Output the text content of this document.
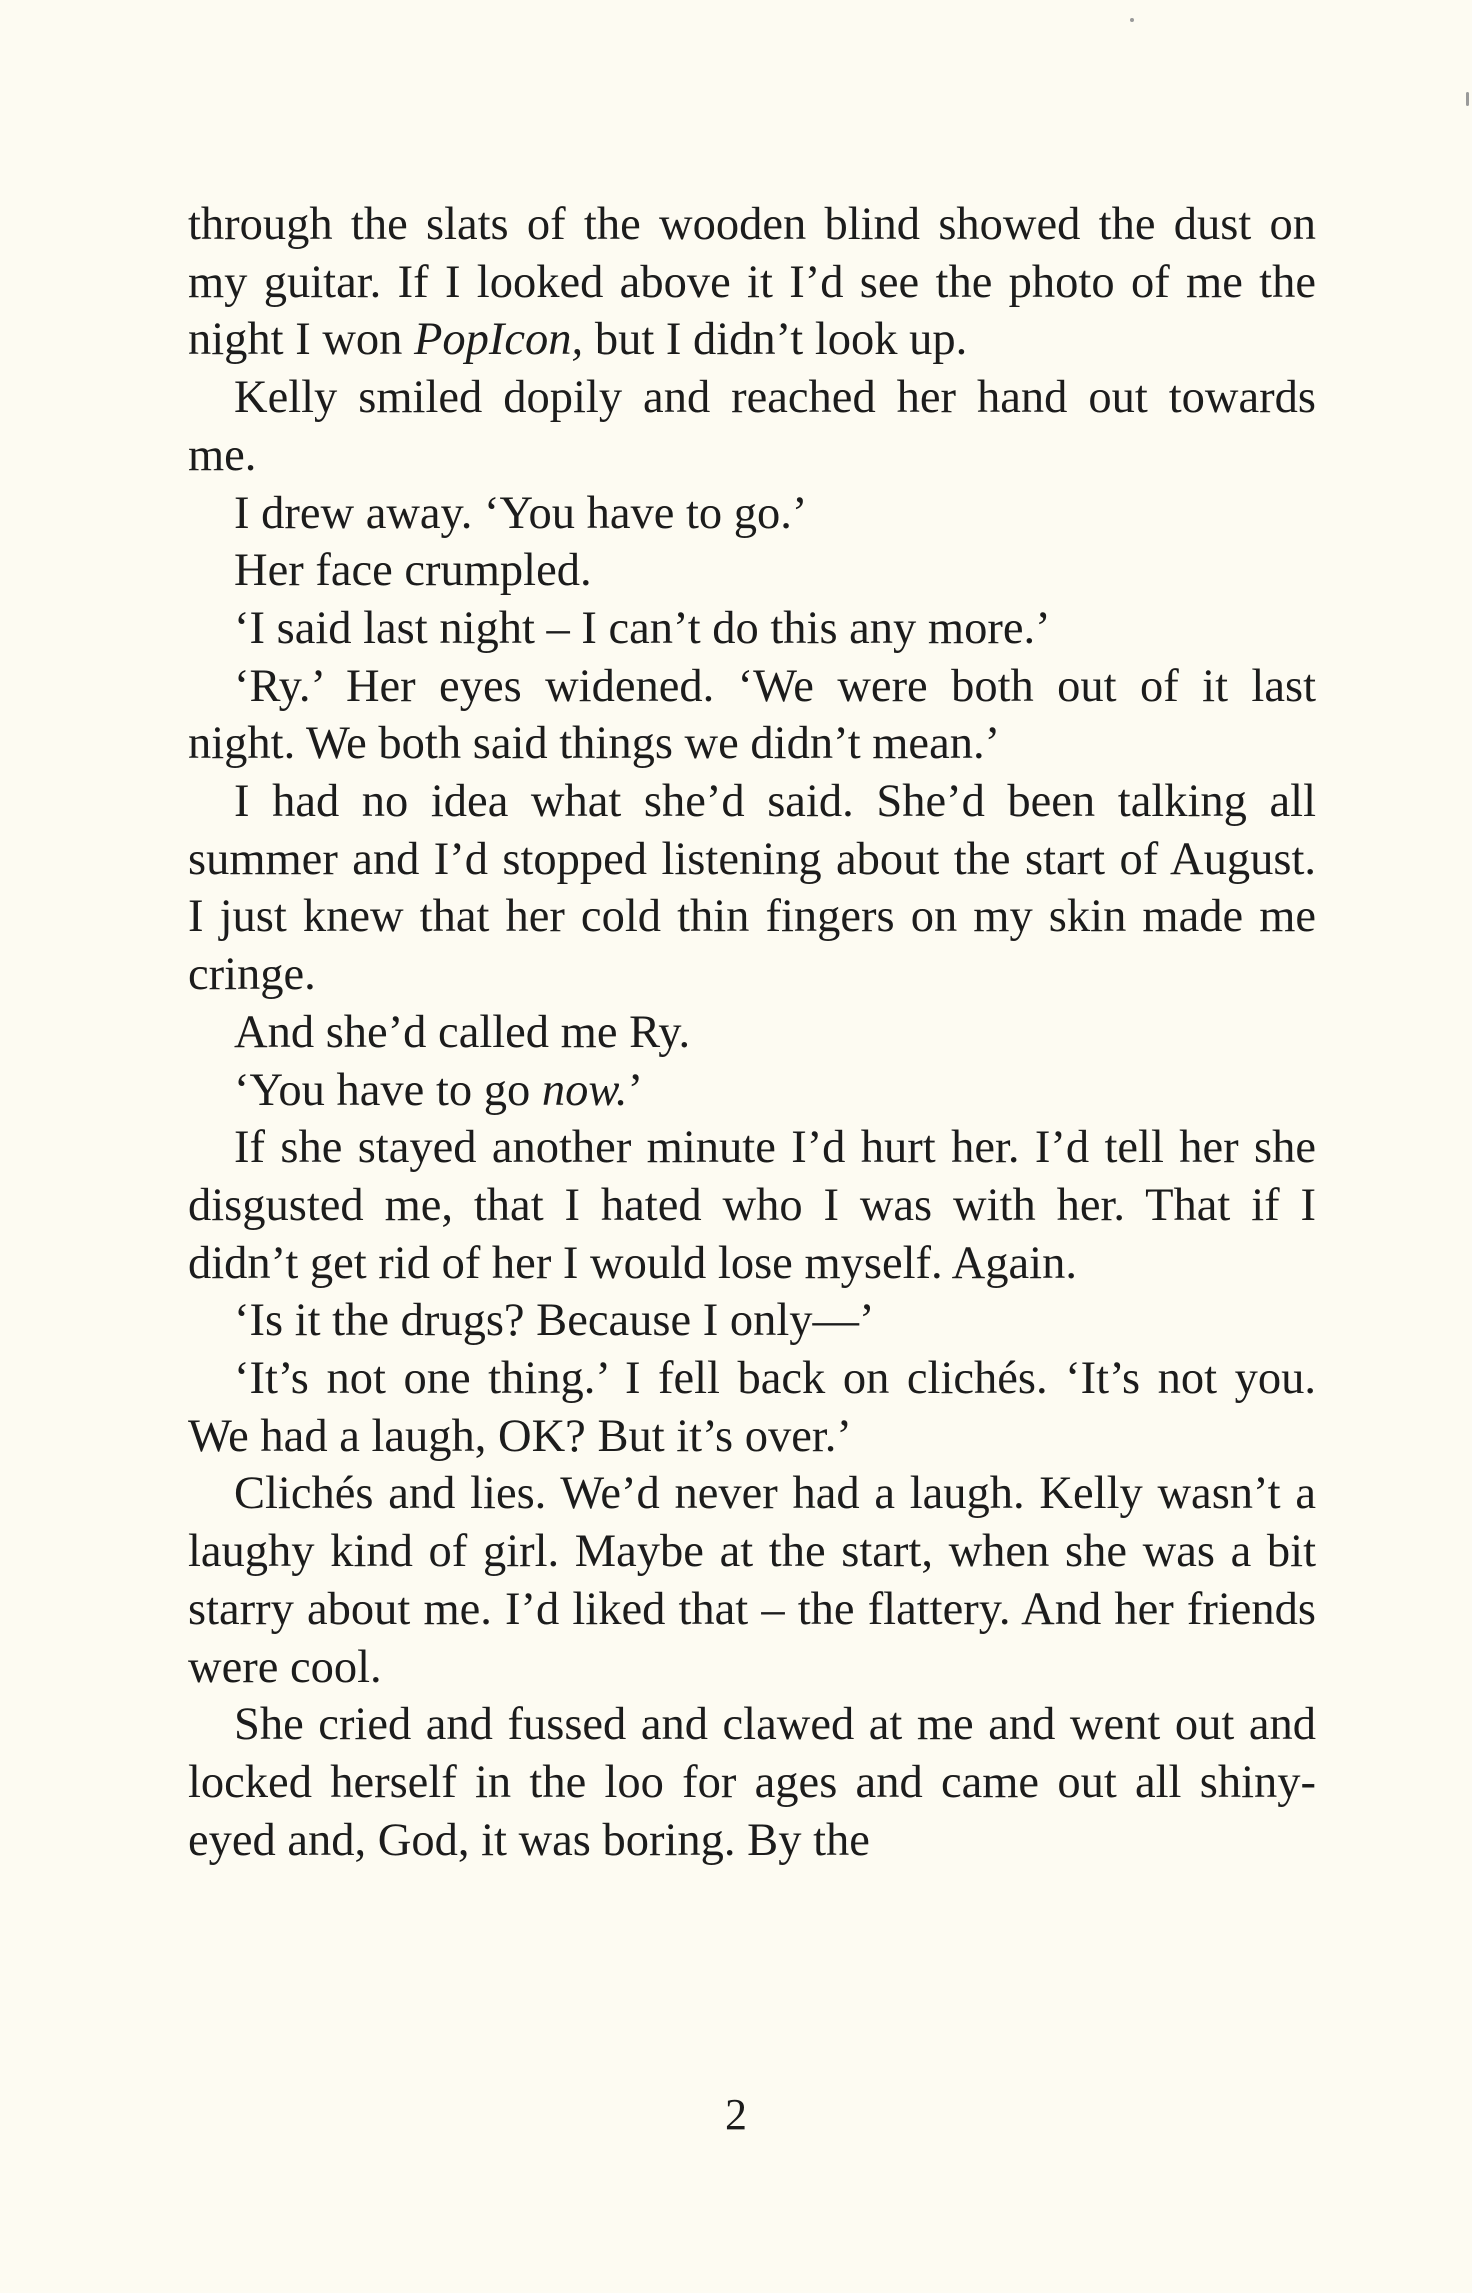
through the slats of the wooden blind showed the dust on my guitar. If I looked above it I’d see the photo of me the night I won PopIcon, but I didn’t look up.

Kelly smiled dopily and reached her hand out towards me.

I drew away. ‘You have to go.’

Her face crumpled.

‘I said last night – I can’t do this any more.’

‘Ry.’ Her eyes widened. ‘We were both out of it last night. We both said things we didn’t mean.’

I had no idea what she’d said. She’d been talking all summer and I’d stopped listening about the start of August. I just knew that her cold thin fingers on my skin made me cringe.

And she’d called me Ry.

‘You have to go now.’

If she stayed another minute I’d hurt her. I’d tell her she disgusted me, that I hated who I was with her. That if I didn’t get rid of her I would lose myself. Again.

‘Is it the drugs? Because I only—’

‘It’s not one thing.’ I fell back on clichés. ‘It’s not you. We had a laugh, OK? But it’s over.’

Clichés and lies. We’d never had a laugh. Kelly wasn’t a laughy kind of girl. Maybe at the start, when she was a bit starry about me. I’d liked that – the flattery. And her friends were cool.

She cried and fussed and clawed at me and went out and locked herself in the loo for ages and came out all shiny-eyed and, God, it was boring. By the

2
